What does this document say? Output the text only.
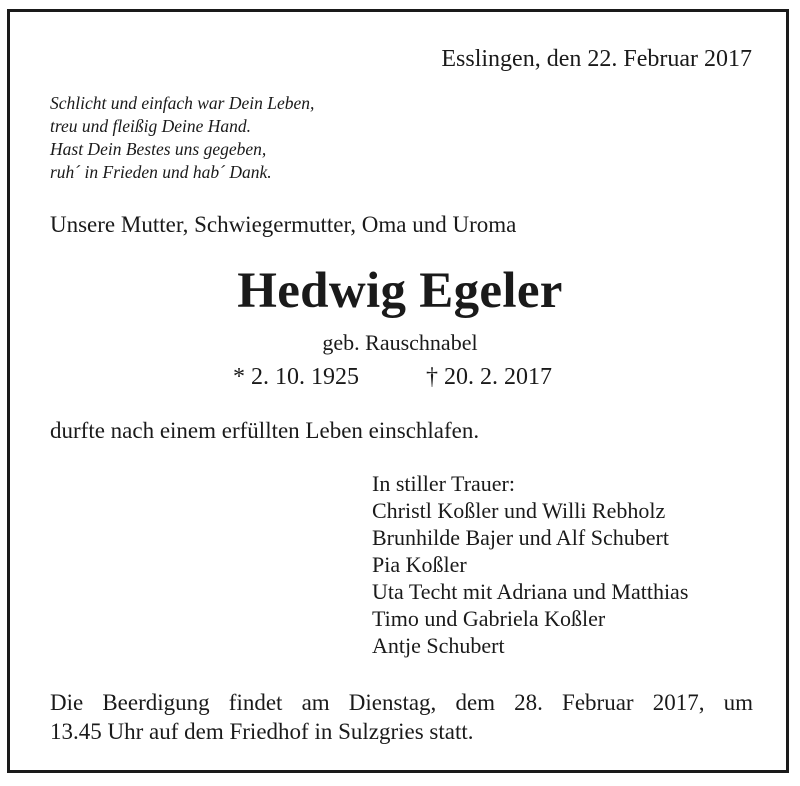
Esslingen, den 22. Februar 2017
Schlicht und einfach war Dein Leben,
treu und fleißig Deine Hand.
Hast Dein Bestes uns gegeben,
ruh´ in Frieden und hab´ Dank.
Unsere Mutter, Schwiegermutter, Oma und Uroma
Hedwig Egeler
geb. Rauschnabel
* 2. 10. 1925	† 20. 2. 2017
durfte nach einem erfüllten Leben einschlafen.
In stiller Trauer:
Christl Koßler und Willi Rebholz
Brunhilde Bajer und Alf Schubert
Pia Koßler
Uta Techt mit Adriana und Matthias
Timo und Gabriela Koßler
Antje Schubert
Die Beerdigung findet am Dienstag, dem 28. Februar 2017, um
13.45 Uhr auf dem Friedhof in Sulzgries statt.
